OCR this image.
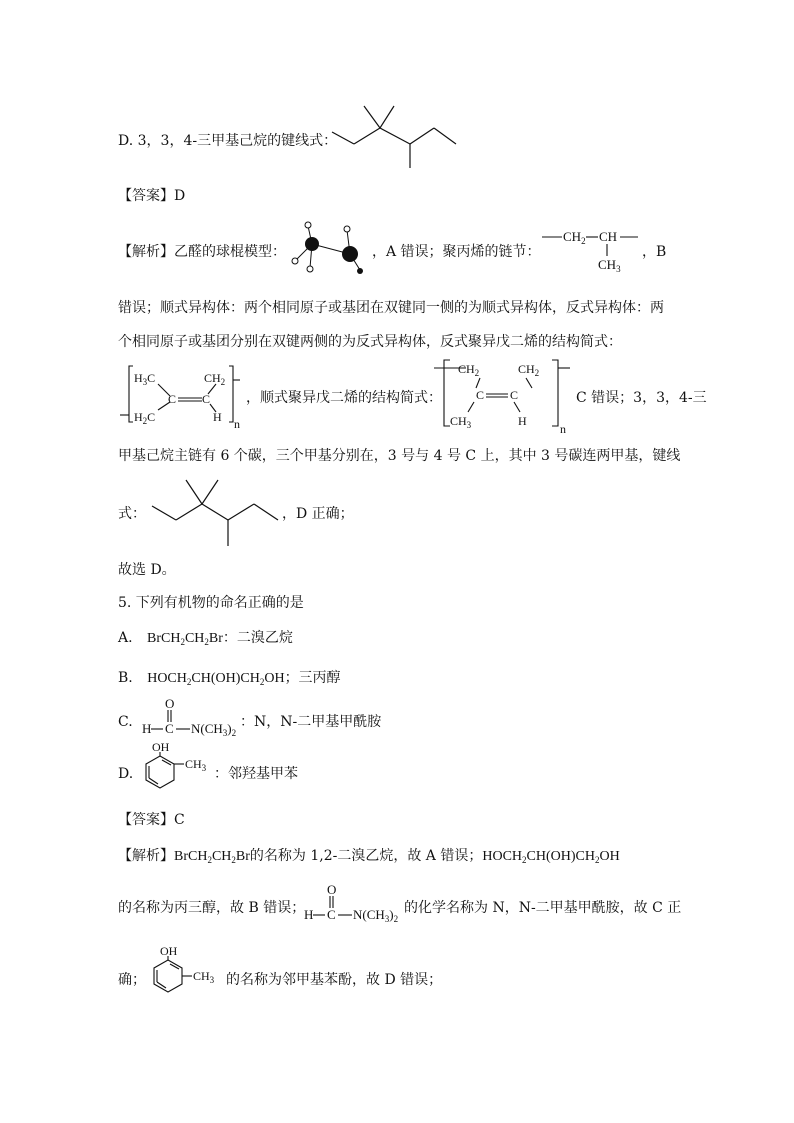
D. 3，3，4-三甲基己烷的键线式：
【答案】D
【解析】乙醛的球棍模型：	，A 错误；聚丙烯的链节：
$CH_2$ CH
$CH_3$
，B
错误；顺式异构体：两个相同原子或基团在双键同一侧的为顺式异构体，反式异构体：两
个相同原子或基团分别在双键两侧的为反式异构体，反式聚异戊二烯的结构简式：
$H_3C$	$CH_2$
C C
$H_2C$	H n
，顺式聚异戊二烯的结构简式：
$CH_2$	$CH_2$
C C
$CH_3$	H
n
C 错误；3，3，4-三
甲基己烷主链有 6 个碳，三个甲基分别在，3 号与 4 号 C 上，其中 3 号碳连两甲基，键线
式：	，D 正确；
故选 D。
5. 下列有机物的命名正确的是
A. $BrCH_2CH_2Br$：二溴乙烷
B. $HOCH_2CH(OH)CH_2OH$；三丙醇
C.
O
H C $N(CH_3)_2$
：N，N-二甲基甲酰胺
D.
OH
$CH_3$ ：邻羟基甲苯
【答案】C
【解析】$BrCH_2CH_2Br$的名称为 1,2-二溴乙烷，故 A 错误；$HOCH_2CH(OH)CH_2OH$
的名称为丙三醇，故 B 错误；
O
H C $N(CH_3)_2$
的化学名称为 N，N-二甲基甲酰胺，故 C 正
确；
OH
$CH_3$ 的名称为邻甲基苯酚，故 D 错误；
